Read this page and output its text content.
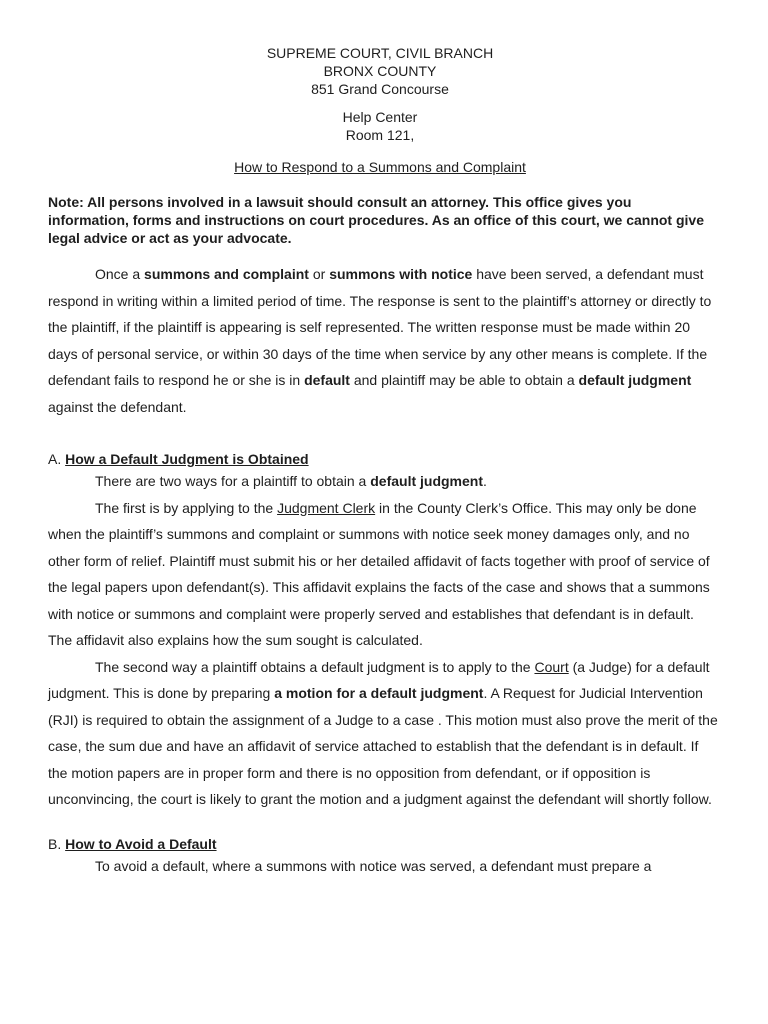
SUPREME COURT, CIVIL BRANCH
BRONX COUNTY
851 Grand Concourse
Help Center
Room 121,
How to Respond to a Summons and Complaint
Note: All persons involved in a lawsuit should consult an attorney. This office gives you information, forms and instructions on court procedures. As an office of this court, we cannot give legal advice or act as your advocate.

Once a summons and complaint or summons with notice have been served, a defendant must respond in writing within a limited period of time. The response is sent to the plaintiff’s attorney or directly to the plaintiff, if the plaintiff is appearing is self represented. The written response must be made within 20 days of personal service, or within 30 days of the time when service by any other means is complete. If the defendant fails to respond he or she is in default and plaintiff may be able to obtain a default judgment against the defendant.

A. How a Default Judgment is Obtained

There are two ways for a plaintiff to obtain a default judgment.

The first is by applying to the Judgment Clerk in the County Clerk’s Office. This may only be done when the plaintiff’s summons and complaint or summons with notice seek money damages only, and no other form of relief. Plaintiff must submit his or her detailed affidavit of facts together with proof of service of the legal papers upon defendant(s). This affidavit explains the facts of the case and shows that a summons with notice or summons and complaint were properly served and establishes that defendant is in default. The affidavit also explains how the sum sought is calculated.

The second way a plaintiff obtains a default judgment is to apply to the Court (a Judge) for a default judgment. This is done by preparing a motion for a default judgment. A Request for Judicial Intervention (RJI) is required to obtain the assignment of a Judge to a case . This motion must also prove the merit of the case, the sum due and have an affidavit of service attached to establish that the defendant is in default. If the motion papers are in proper form and there is no opposition from defendant, or if opposition is unconvincing, the court is likely to grant the motion and a judgment against the defendant will shortly follow.

B. How to Avoid a Default

To avoid a default, where a summons with notice was served, a defendant must prepare a
